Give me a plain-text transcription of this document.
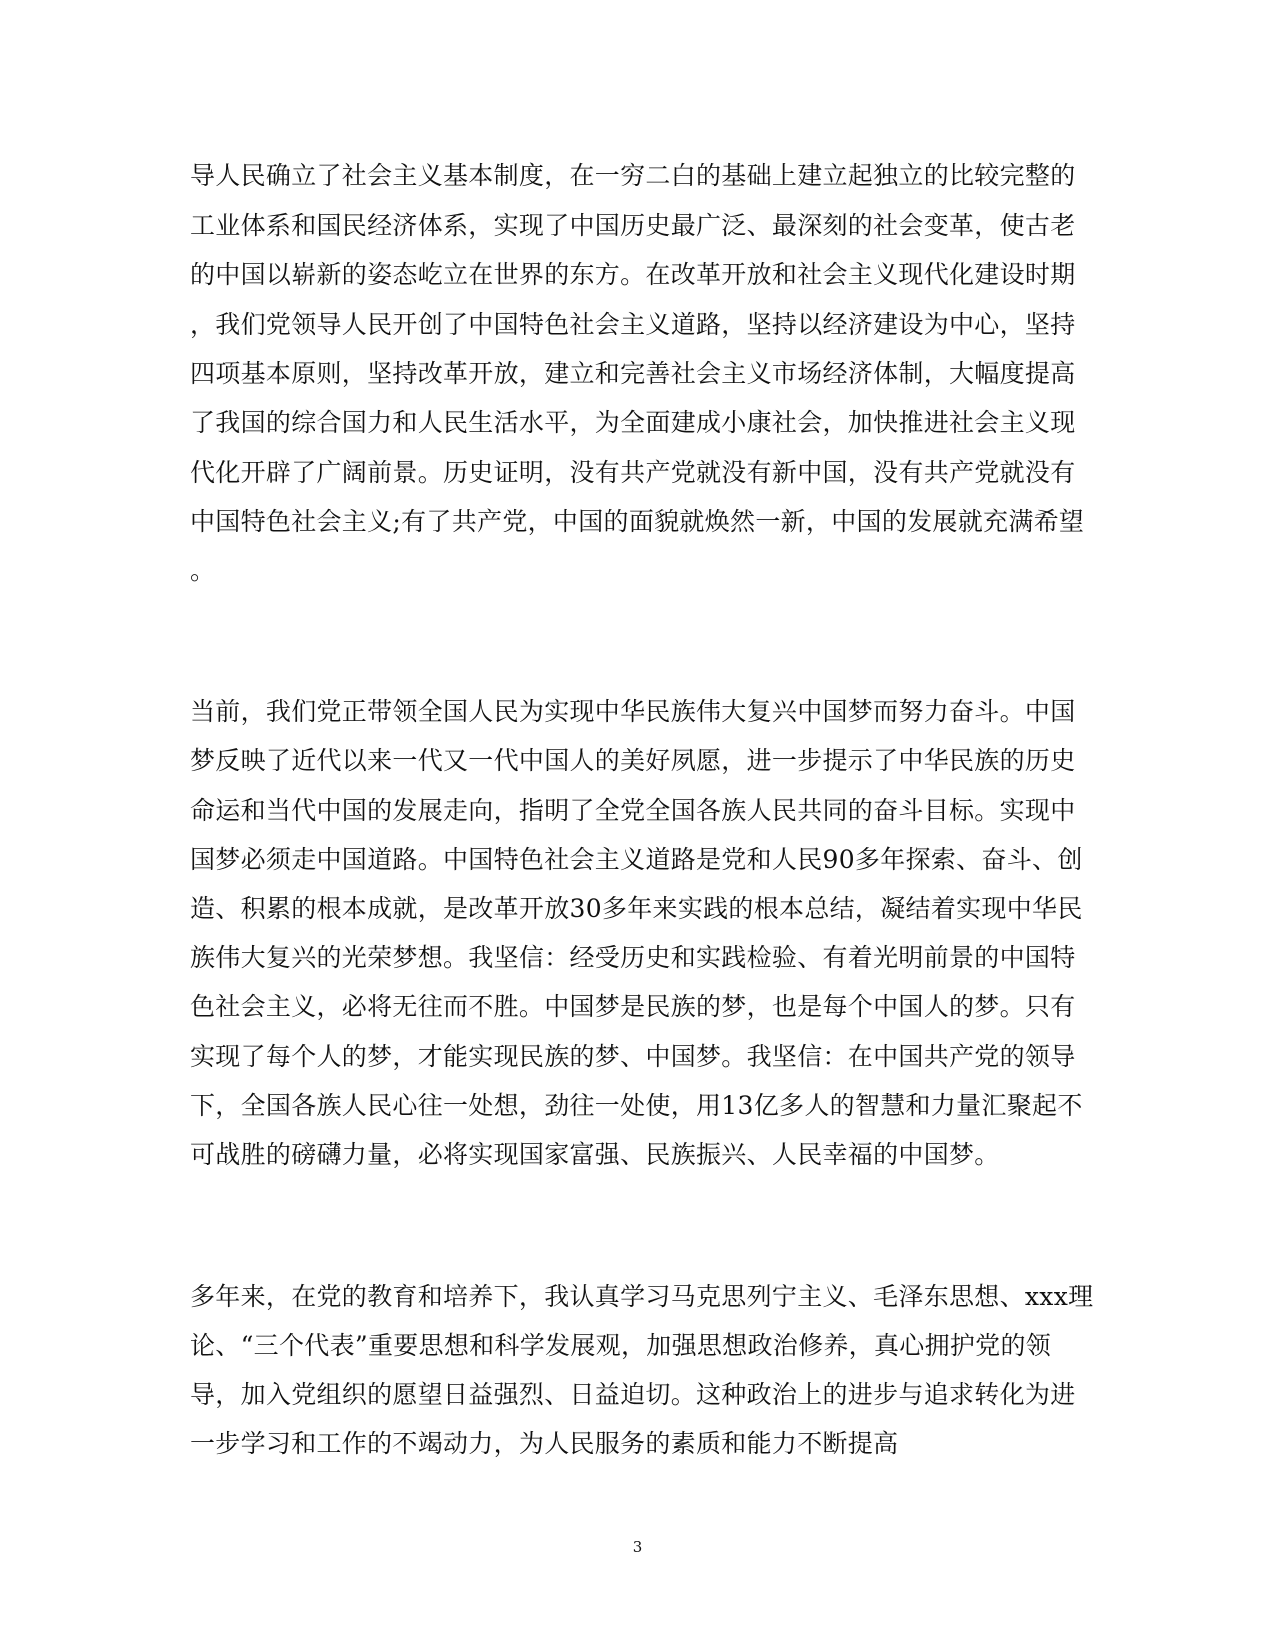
导人民确立了社会主义基本制度，在一穷二白的基础上建立起独立的比较完整的
工业体系和国民经济体系，实现了中国历史最广泛、最深刻的社会变革，使古老
的中国以崭新的姿态屹立在世界的东方。在改革开放和社会主义现代化建设时期
，我们党领导人民开创了中国特色社会主义道路，坚持以经济建设为中心，坚持
四项基本原则，坚持改革开放，建立和完善社会主义市场经济体制，大幅度提高
了我国的综合国力和人民生活水平，为全面建成小康社会，加快推进社会主义现
代化开辟了广阔前景。历史证明，没有共产党就没有新中国，没有共产党就没有
中国特色社会主义;有了共产党，中国的面貌就焕然一新，中国的发展就充满希望
。
当前，我们党正带领全国人民为实现中华民族伟大复兴中国梦而努力奋斗。中国
梦反映了近代以来一代又一代中国人的美好夙愿，进一步提示了中华民族的历史
命运和当代中国的发展走向，指明了全党全国各族人民共同的奋斗目标。实现中
国梦必须走中国道路。中国特色社会主义道路是党和人民90多年探索、奋斗、创
造、积累的根本成就，是改革开放30多年来实践的根本总结，凝结着实现中华民
族伟大复兴的光荣梦想。我坚信：经受历史和实践检验、有着光明前景的中国特
色社会主义，必将无往而不胜。中国梦是民族的梦，也是每个中国人的梦。只有
实现了每个人的梦，才能实现民族的梦、中国梦。我坚信：在中国共产党的领导
下，全国各族人民心往一处想，劲往一处使，用13亿多人的智慧和力量汇聚起不
可战胜的磅礴力量，必将实现国家富强、民族振兴、人民幸福的中国梦。
多年来，在党的教育和培养下，我认真学习马克思列宁主义、毛泽东思想、xxx理
论、“三个代表”重要思想和科学发展观，加强思想政治修养，真心拥护党的领
导，加入党组织的愿望日益强烈、日益迫切。这种政治上的进步与追求转化为进
一步学习和工作的不竭动力，为人民服务的素质和能力不断提高
3
